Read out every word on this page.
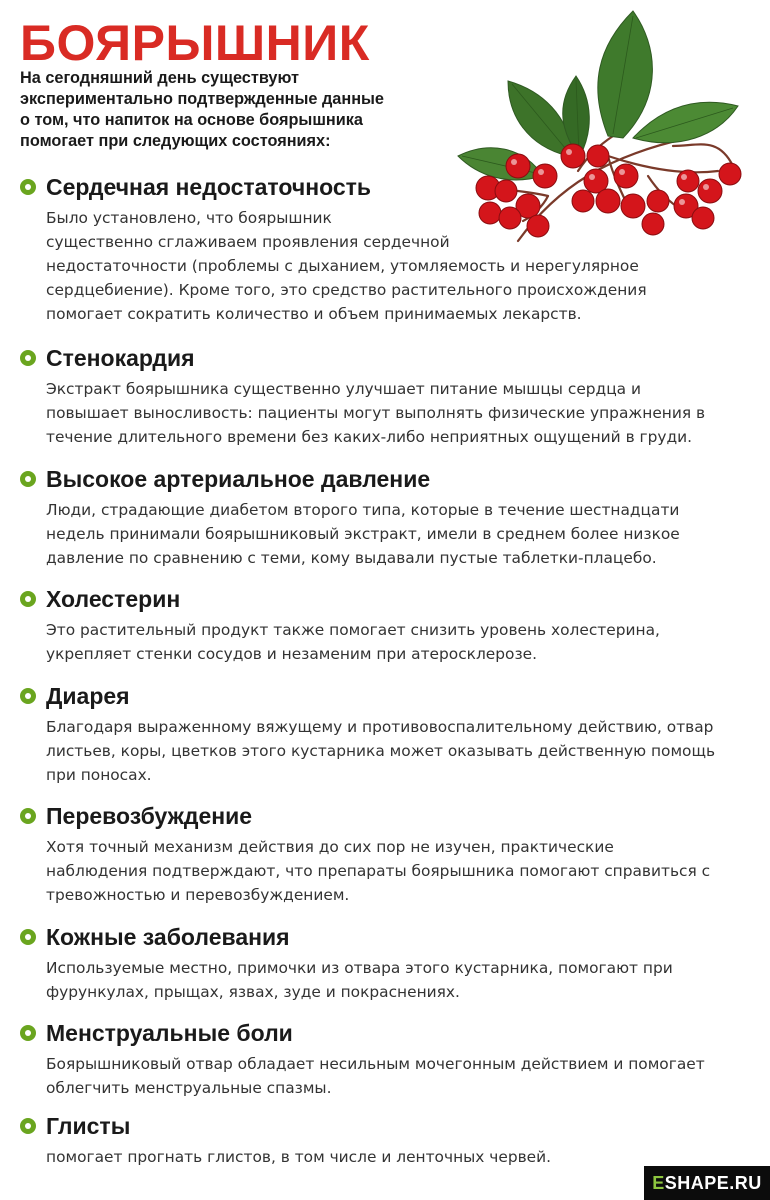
БОЯРЫШНИК
На сегодняшний день существуют
экспериментально подтвержденные данные
о том, что напиток на основе боярышника
помогает при следующих состояниях:
Сердечная недостаточность
Было установлено, что боярышник
существенно сглаживаем проявления сердечной
недостаточности (проблемы с дыханием, утомляемость и нерегулярное
сердцебиение). Кроме того, это средство растительного происхождения
помогает сократить количество и объем принимаемых лекарств.
Стенокардия
Экстракт боярышника существенно улучшает питание мышцы сердца и
повышает выносливость: пациенты могут выполнять физические упражнения в
течение длительного времени без каких-либо неприятных ощущений в груди.
Высокое артериальное давление
Люди, страдающие диабетом второго типа, которые в течение шестнадцати
недель принимали боярышниковый экстракт, имели в среднем более низкое
давление по сравнению с теми, кому выдавали пустые таблетки-плацебо.
Холестерин
Это растительный продукт также помогает снизить уровень холестерина,
укрепляет стенки сосудов и незаменим при атеросклерозе.
Диарея
Благодаря выраженному вяжущему и противовоспалительному действию, отвар
листьев, коры, цветков этого кустарника может оказывать действенную помощь
при поносах.
Перевозбуждение
Хотя точный механизм действия до сих пор не изучен, практические
наблюдения подтверждают, что препараты боярышника помогают справиться с
тревожностью и перевозбуждением.
Кожные заболевания
Используемые местно, примочки из отвара этого кустарника, помогают при
фурункулах, прыщах, язвах, зуде и покраснениях.
Менструальные боли
Боярышниковый отвар обладает несильным мочегонным действием и помогает
облегчить менструальные спазмы.
Глисты
помогает прогнать глистов, в том числе и ленточных червей.
E SHAPE.RU
